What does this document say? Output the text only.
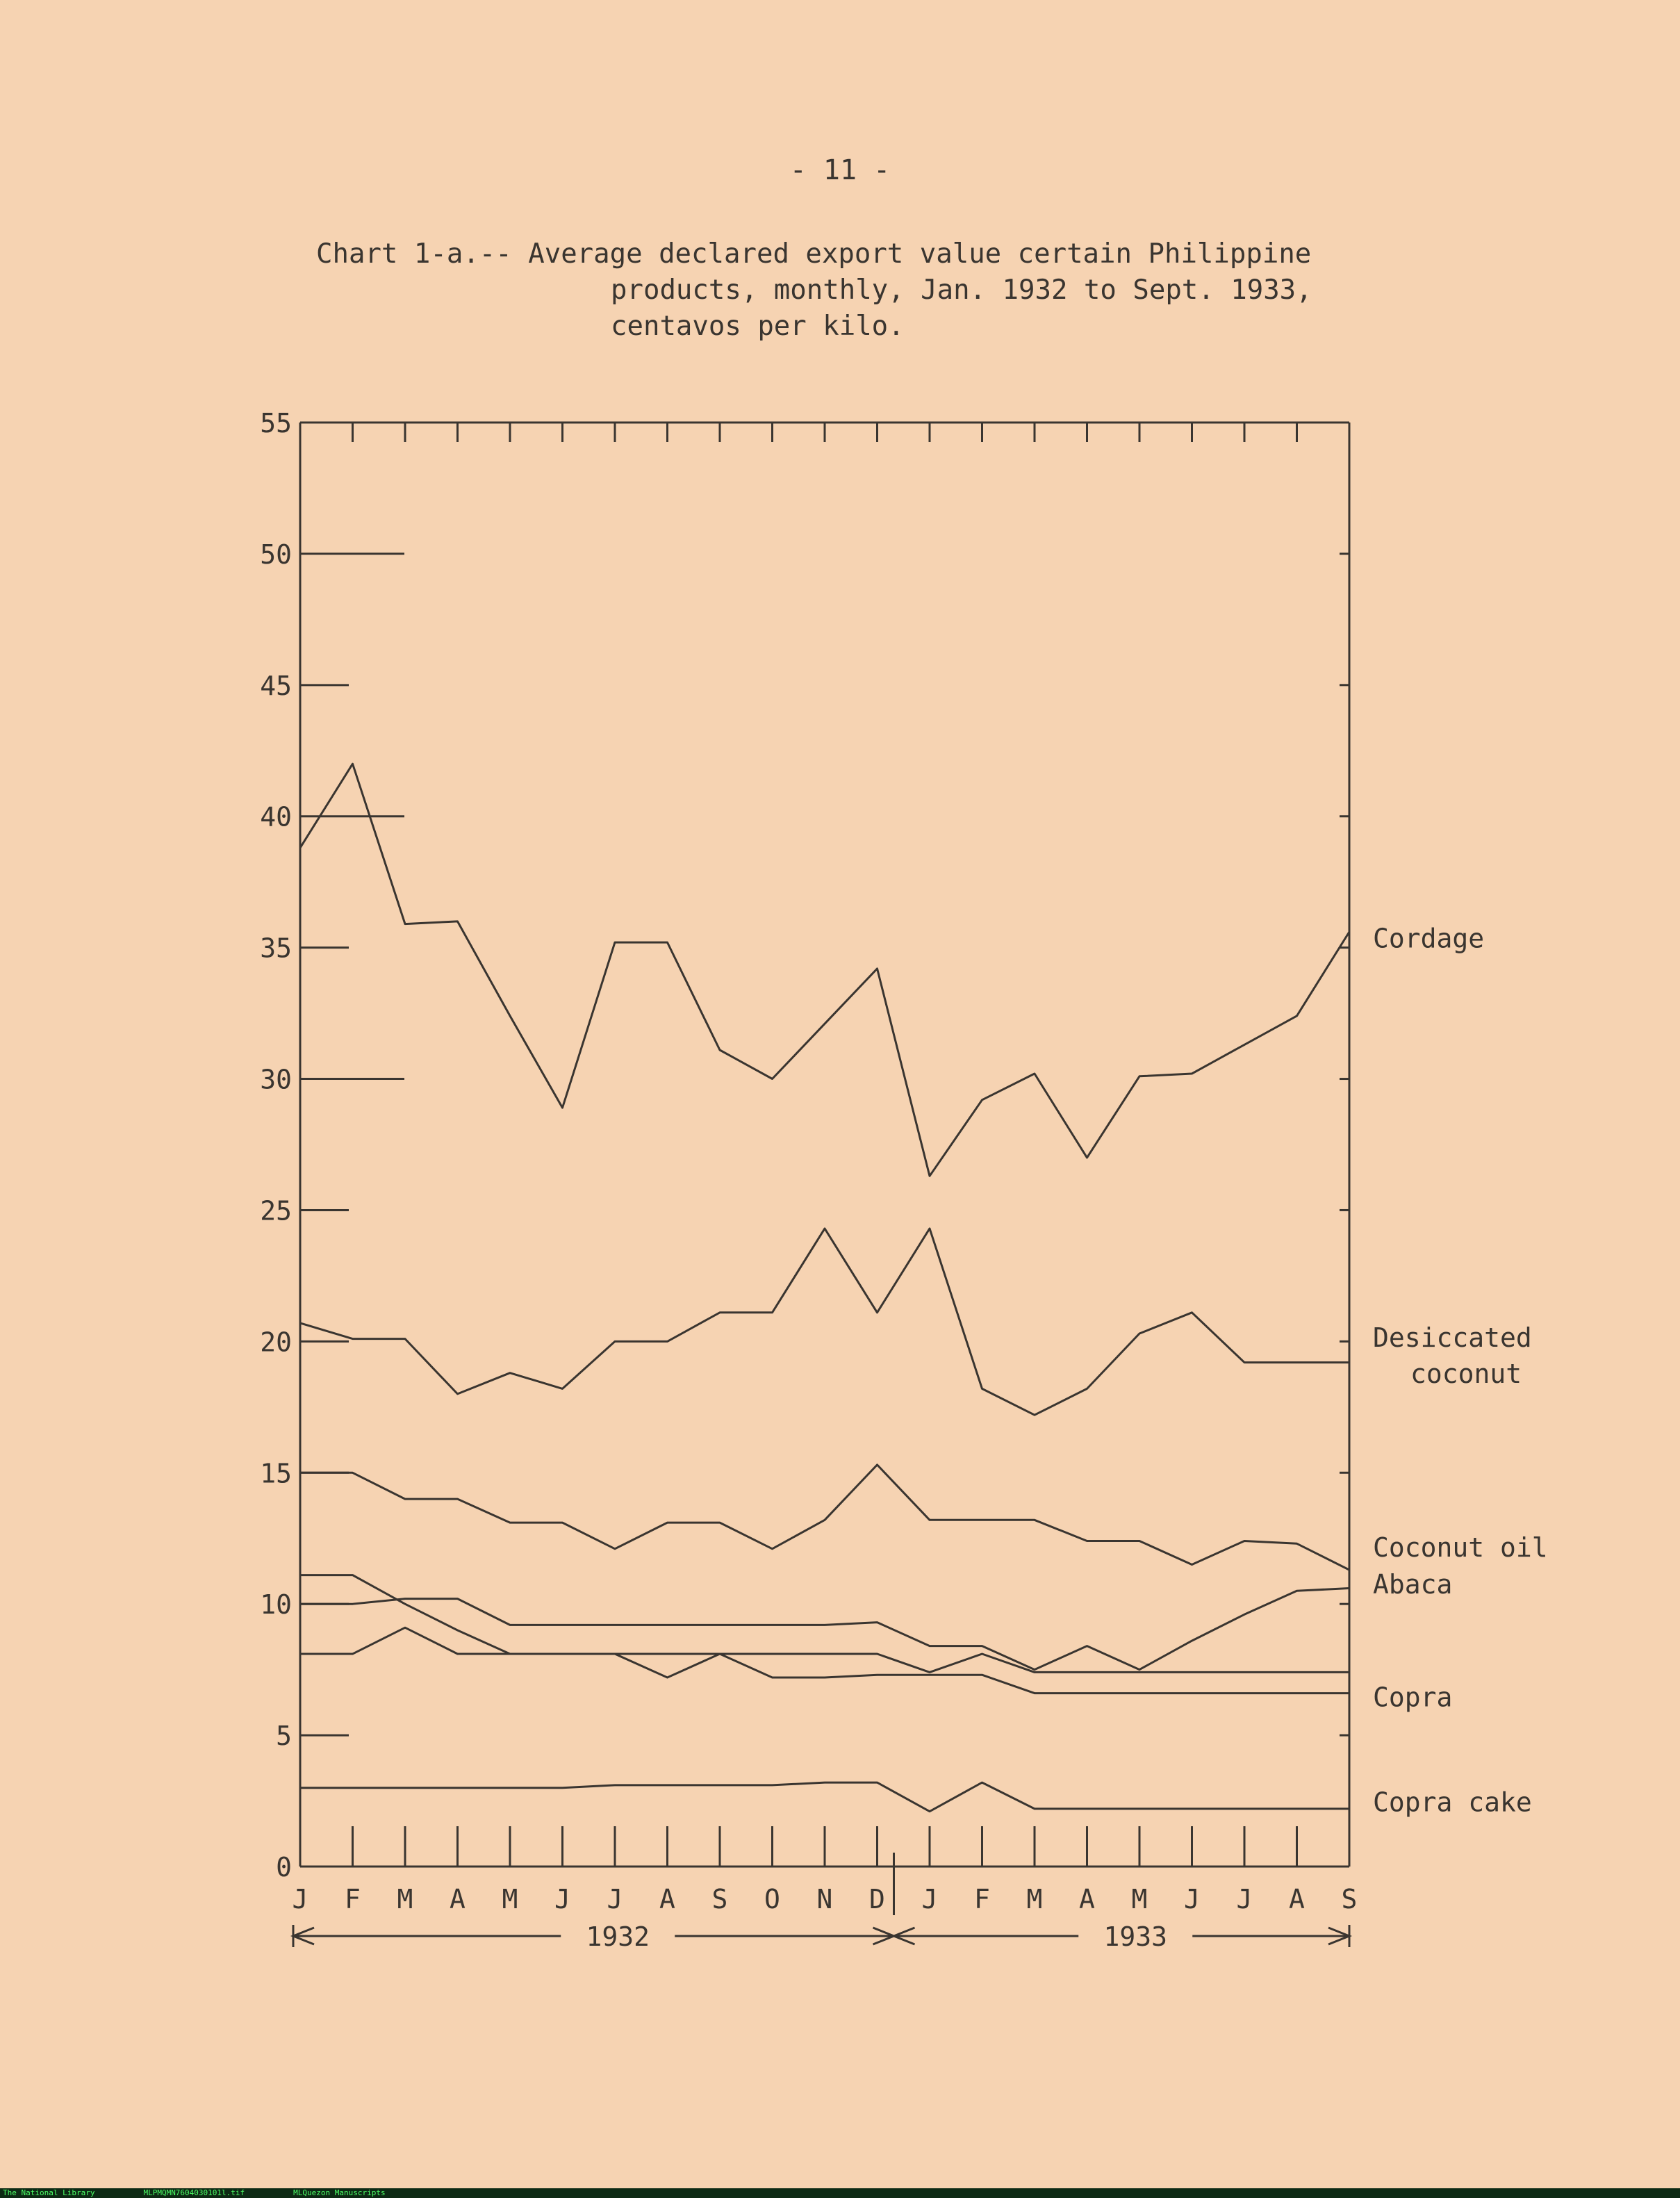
- 11 -
Chart 1-a.-- Average declared export value certain Philippine
products, monthly, Jan. 1932 to Sept. 1933,
centavos per kilo.
0
5
10
15
20
25
30
35
40
45
50
55
J F M A M J J A S O N D J F M A M J J A S
Cordage
Desiccated
coconut
Coconut oil
Abaca
Copra
Copra cake
1932	1933
The National Library	MLPMQMN7604030101l.tif	MLQuezon Manuscripts
